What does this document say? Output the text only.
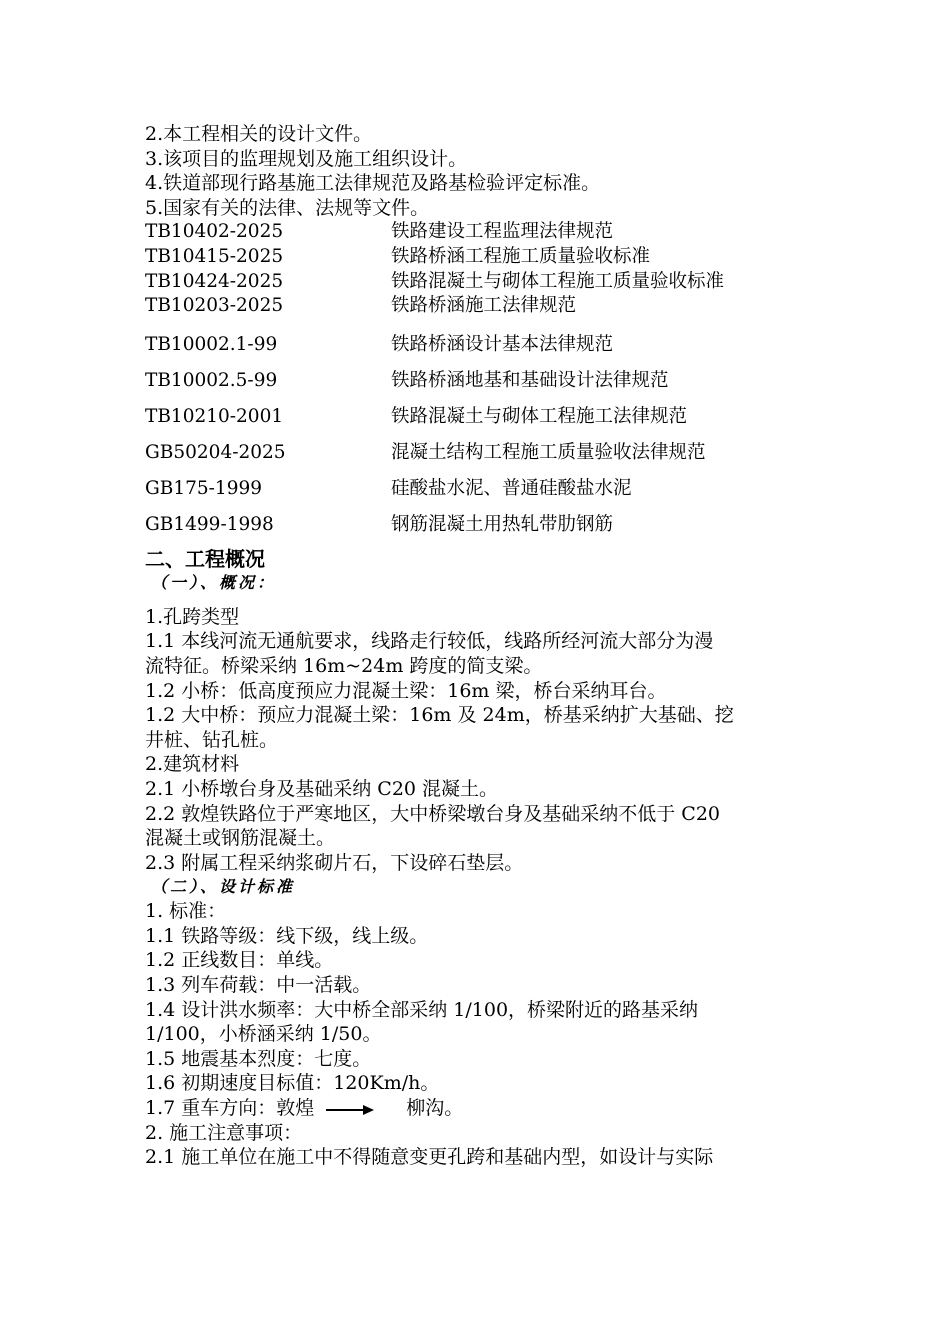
2.本工程相关的设计文件。
3.该项目的监理规划及施工组织设计。
4.铁道部现行路基施工法律规范及路基检验评定标准。
5.国家有关的法律、法规等文件。
TB10402-2025	铁路建设工程监理法律规范
TB10415-2025	铁路桥涵工程施工质量验收标准
TB10424-2025	铁路混凝土与砌体工程施工质量验收标准
TB10203-2025	铁路桥涵施工法律规范
TB10002.1-99	铁路桥涵设计基本法律规范
TB10002.5-99	铁路桥涵地基和基础设计法律规范
TB10210-2001	铁路混凝土与砌体工程施工法律规范
GB50204-2025	混凝土结构工程施工质量验收法律规范
GB175-1999	硅酸盐水泥、普通硅酸盐水泥
GB1499-1998	钢筋混凝土用热轧带肋钢筋
二、工程概况
（一）、概况：
1.孔跨类型
1.1 本线河流无通航要求，线路走行较低，线路所经河流大部分为漫
流特征。桥梁采纳 16m~24m 跨度的简支梁。
1.2 小桥：低高度预应力混凝土梁：16m 梁，桥台采纳耳台。
1.2 大中桥：预应力混凝土梁：16m 及 24m，桥基采纳扩大基础、挖
井桩、钻孔桩。
2.建筑材料
2.1 小桥墩台身及基础采纳 C20 混凝土。
2.2 敦煌铁路位于严寒地区，大中桥梁墩台身及基础采纳不低于 C20
混凝土或钢筋混凝土。
2.3 附属工程采纳浆砌片石，下设碎石垫层。
（二）、设计标准
1. 标准：
1.1 铁路等级：线下级，线上级。
1.2 正线数目：单线。
1.3 列车荷载：中一活载。
1.4 设计洪水频率：大中桥全部采纳 1/100，桥梁附近的路基采纳
1/100，小桥涵采纳 1/50。
1.5 地震基本烈度：七度。
1.6 初期速度目标值：120Km/h。
1.7 重车方向：敦煌	柳沟。
2. 施工注意事项：
2.1 施工单位在施工中不得随意变更孔跨和基础内型，如设计与实际
